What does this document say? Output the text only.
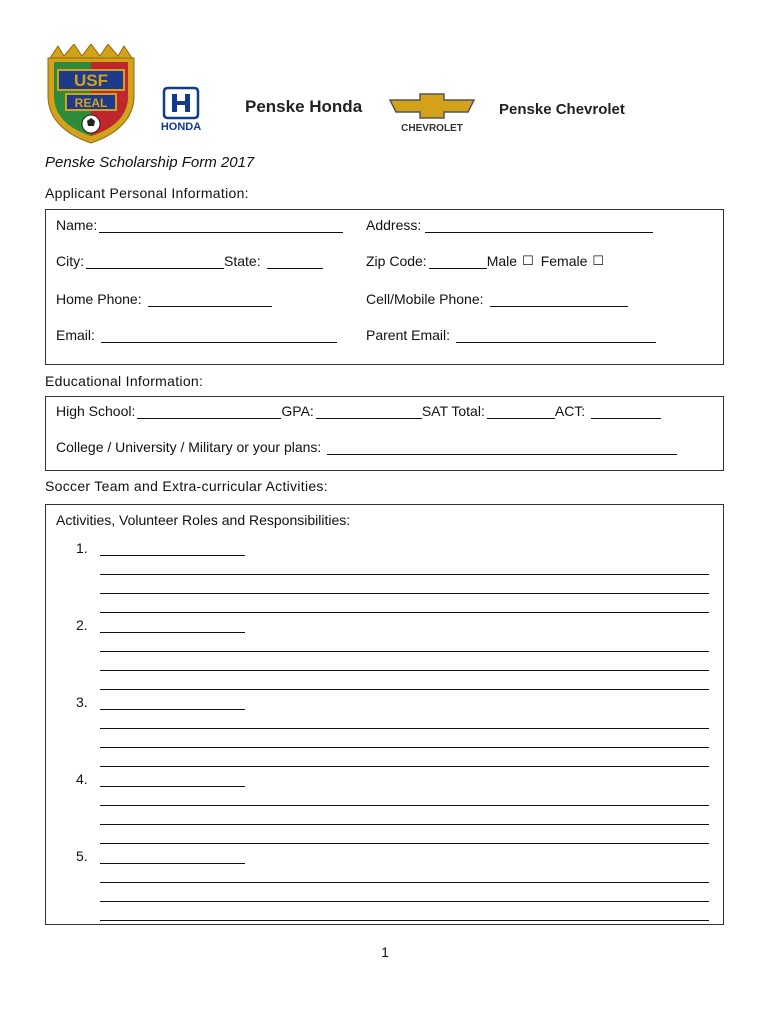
USF
REAL
HONDA
Penske Honda
CHEVROLET
Penske Chevrolet
Penske Scholarship Form 2017
Applicant Personal Information:
Name:	Address:
City:	State:	Zip Code:	Male ☐ Female ☐
Home Phone:	Cell/Mobile Phone:
Email:	Parent Email:
Educational Information:
High School:	GPA:	SAT Total:	ACT:
College / University / Military or your plans:
Soccer Team and Extra-curricular Activities:
Activities, Volunteer Roles and Responsibilities:
1.
2.
3.
4.
5.
1
